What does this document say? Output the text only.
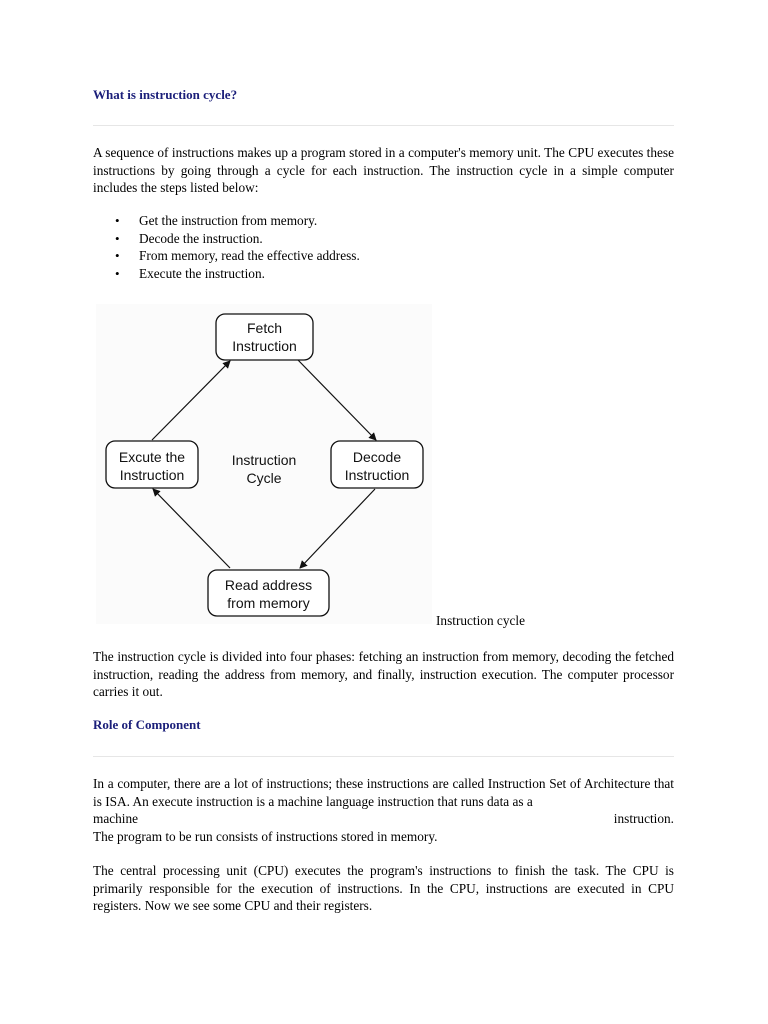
What is instruction cycle?

A sequence of instructions makes up a program stored in a computer's memory unit. The CPU executes these instructions by going through a cycle for each instruction. The instruction cycle in a simple computer includes the steps listed below:

• Get the instruction from memory.
• Decode the instruction.
• From memory, read the effective address.
• Execute the instruction.
Fetch
Instruction
Decode
Instruction
Read address
from memory
Excute the
Instruction
Instruction
Cycle

Instruction cycle

The instruction cycle is divided into four phases: fetching an instruction from memory, decoding the fetched instruction, reading the address from memory, and finally, instruction execution. The computer processor carries it out.

Role of Component
In a computer, there are a lot of instructions; these instructions are called Instruction Set of Architecture that is ISA. An execute instruction is a machine language instruction that runs data as a
machine	instruction.
The program to be run consists of instructions stored in memory.

The central processing unit (CPU) executes the program's instructions to finish the task. The CPU is primarily responsible for the execution of instructions. In the CPU, instructions are executed in CPU registers. Now we see some CPU and their registers.
